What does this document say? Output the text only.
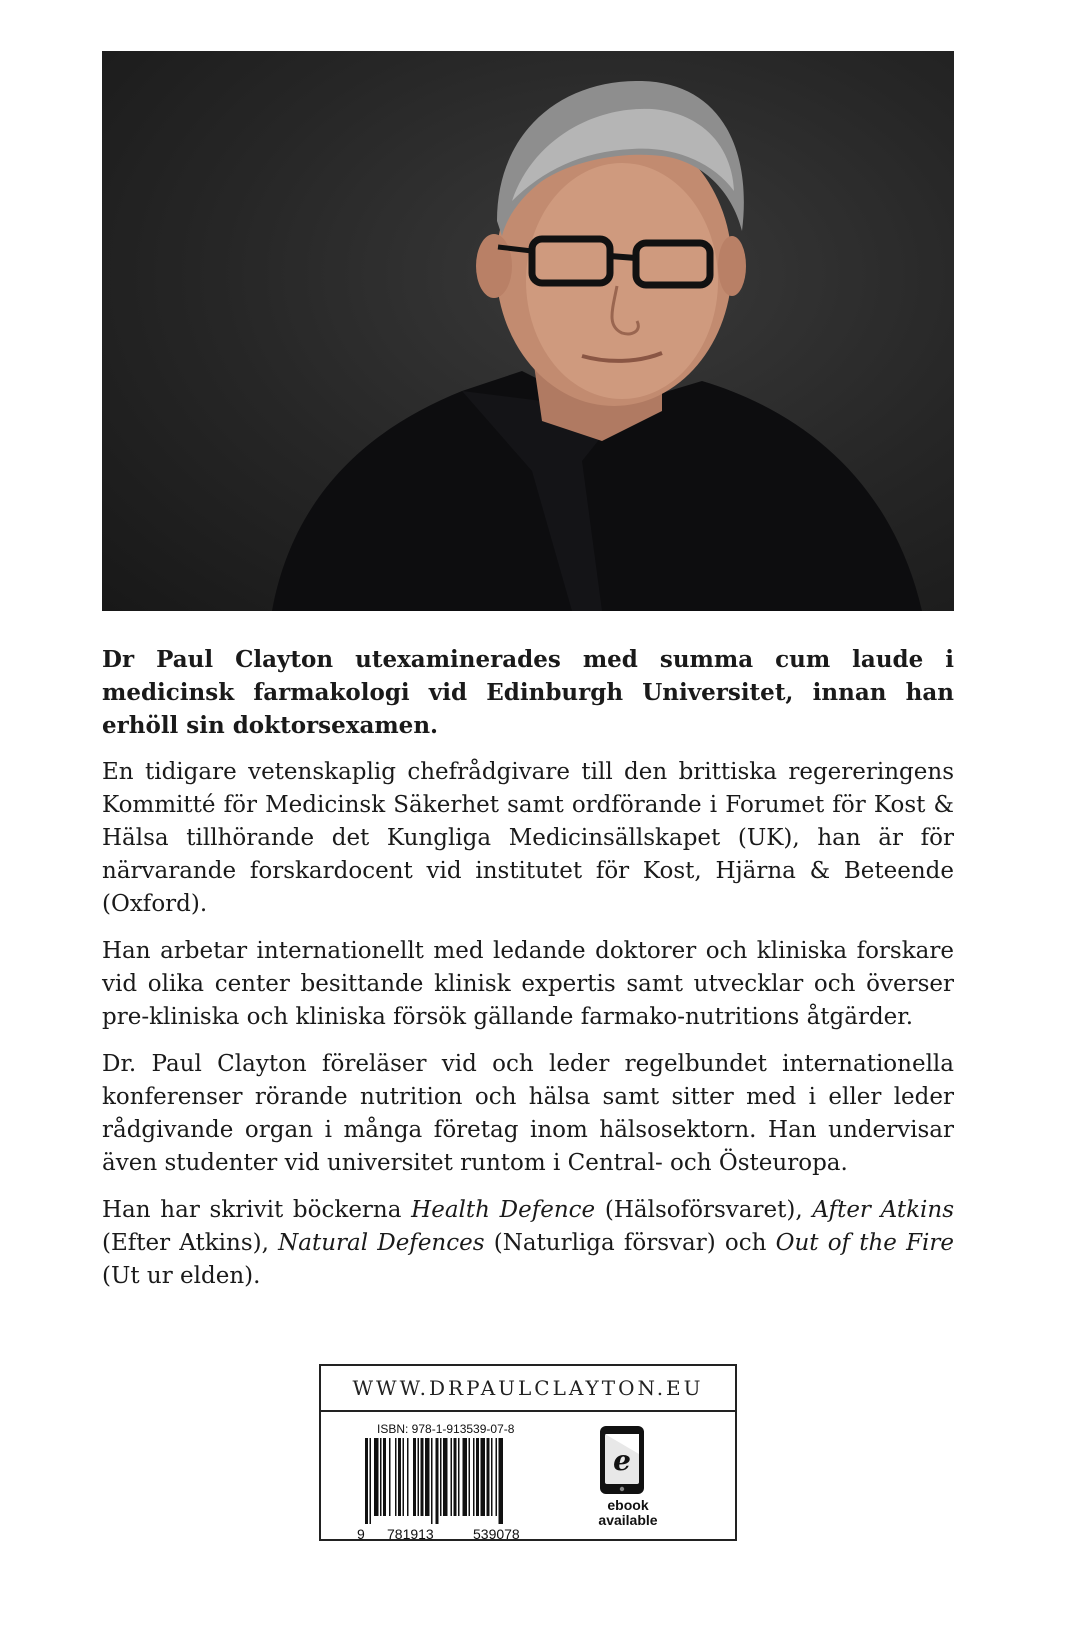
Dr Paul Clayton utexaminerades med summa cum laude i medicinsk farmakologi vid Edinburgh Universitet, innan han erhöll sin doktorsexamen.

En tidigare vetenskaplig chefrådgivare till den brittiska regereringens Kommitté för Medicinsk Säkerhet samt ordförande i Forumet för Kost & Hälsa tillhörande det Kungliga Medicinsällskapet (UK), han är för närvarande forskardocent vid institutet för Kost, Hjärna & Beteende (Oxford).

Han arbetar internationellt med ledande doktorer och kliniska forskare vid olika center besittande klinisk expertis samt utvecklar och överser pre-kliniska och kliniska försök gällande farmako-nutritions åtgärder.

Dr. Paul Clayton föreläser vid och leder regelbundet internationella konferenser rörande nutrition och hälsa samt sitter med i eller leder rådgivande organ i många företag inom hälsosektorn. Han undervisar även studenter vid universitet runtom i Central- och Östeuropa.

Han har skrivit böckerna Health Defence (Hälsoförsvaret), After Atkins (Efter Atkins), Natural Defences (Naturliga försvar) och Out of the Fire (Ut ur elden).

WWW.DRPAULCLAYTON.EU
ISBN: 978-1-913539-07-8
9 781913	539078
e
ebook
available
